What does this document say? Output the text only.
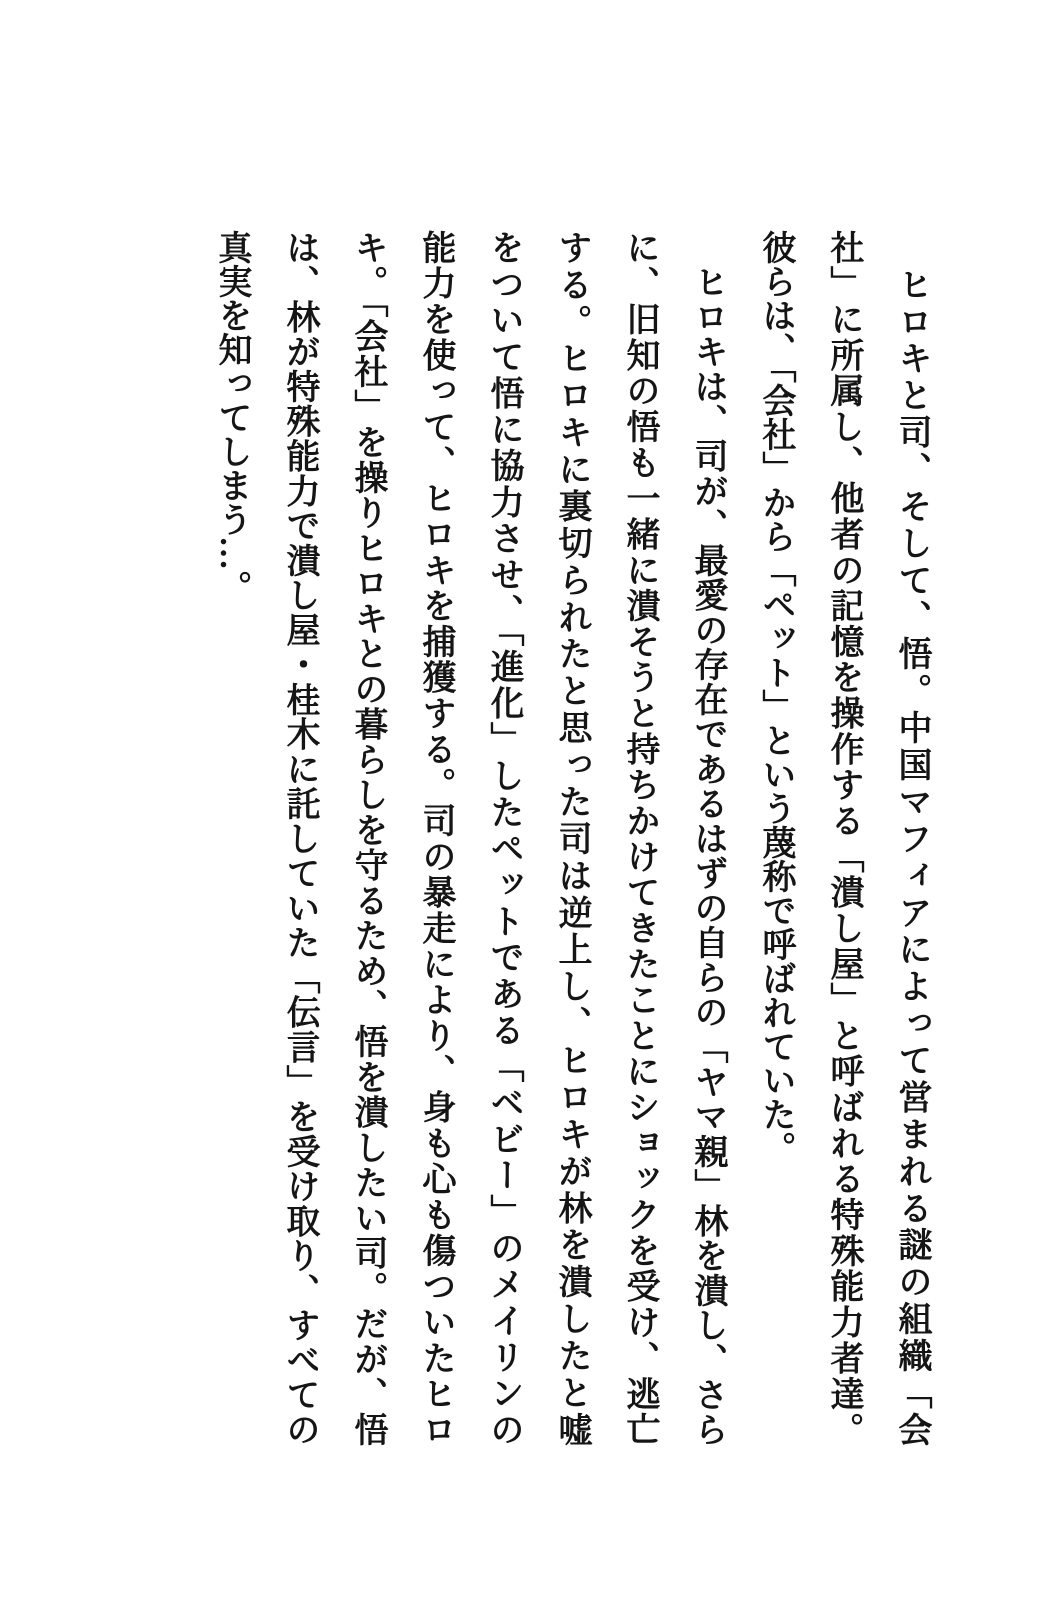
　ヒロキと司、そして、悟。中国マフィアによって営まれる謎の組織「会
社」に所属し、他者の記憶を操作する「潰し屋」と呼ばれる特殊能力者達。
彼らは、「会社」から「ペット」という蔑称で呼ばれていた。
　ヒロキは、司が、最愛の存在であるはずの自らの「ヤマ親」林を潰し、さら
に、旧知の悟も一緒に潰そうと持ちかけてきたことにショックを受け、逃亡
する。ヒロキに裏切られたと思った司は逆上し、ヒロキが林を潰したと嘘
をついて悟に協力させ、「進化」したペットである「ベビー」のメイリンの
能力を使って、ヒロキを捕獲する。司の暴走により、身も心も傷ついたヒロ
キ。「会社」を操りヒロキとの暮らしを守るため、悟を潰したい司。だが、悟
は、林が特殊能力で潰し屋・桂木に託していた「伝言」を受け取り、すべての
真実を知ってしまう…。
